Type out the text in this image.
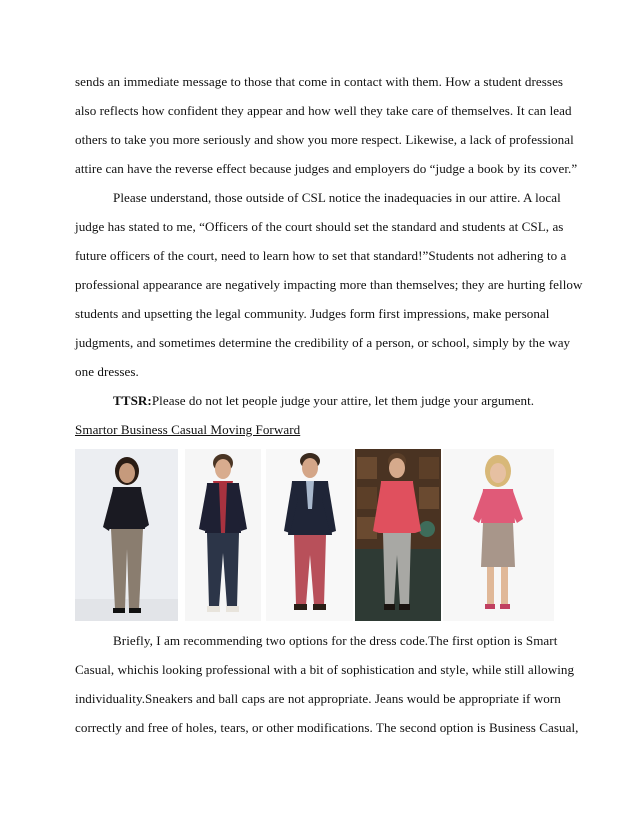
sends an immediate message to those that come in contact with them. How a student dresses
also reflects how confident they appear and how well they take care of themselves. It can lead
others to take you more seriously and show you more respect. Likewise, a lack of professional
attire can have the reverse effect because judges and employers do “judge a book by its cover.”
Please understand, those outside of CSL notice the inadequacies in our attire. A local
judge has stated to me, “Officers of the court should set the standard and students at CSL, as
future officers of the court, need to learn how to set that standard!”Students not adhering to a
professional appearance are negatively impacting more than themselves; they are hurting fellow
students and upsetting the legal community. Judges form first impressions, make personal
judgments, and sometimes determine the credibility of a person, or school, simply by the way
one dresses.
TTSR:Please do not let people judge your attire, let them judge your argument.
Smartor Business Casual Moving Forward
Briefly, I am recommending two options for the dress code.The first option is Smart
Casual, whichis looking professional with a bit of sophistication and style, while still allowing
individuality.Sneakers and ball caps are not appropriate. Jeans would be appropriate if worn
correctly and free of holes, tears, or other modifications. The second option is Business Casual,
